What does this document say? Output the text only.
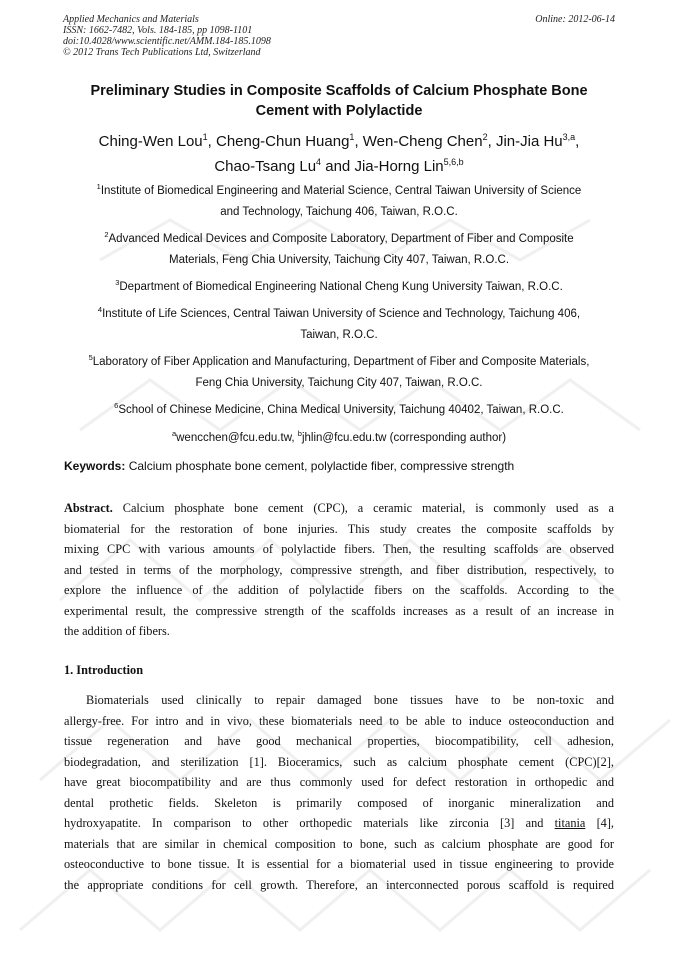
Applied Mechanics and Materials
ISSN: 1662-7482, Vols. 184-185, pp 1098-1101
doi:10.4028/www.scientific.net/AMM.184-185.1098
© 2012 Trans Tech Publications Ltd, Switzerland
Online: 2012-06-14
Preliminary Studies in Composite Scaffolds of Calcium Phosphate Bone
Cement with Polylactide
Ching-Wen Lou$^1$, Cheng-Chun Huang$^1$, Wen-Cheng Chen$^2$, Jin-Jia Hu$^{3,a}$,
Chao-Tsang Lu$^4$ and Jia-Horng Lin$^{5,6,b}$
$^1$Institute of Biomedical Engineering and Material Science, Central Taiwan University of Science
and Technology, Taichung 406, Taiwan, R.O.C.
$^2$Advanced Medical Devices and Composite Laboratory, Department of Fiber and Composite
Materials, Feng Chia University, Taichung City 407, Taiwan, R.O.C.
$^3$Department of Biomedical Engineering National Cheng Kung University Taiwan, R.O.C.
$^4$Institute of Life Sciences, Central Taiwan University of Science and Technology, Taichung 406,
Taiwan, R.O.C.
$^5$Laboratory of Fiber Application and Manufacturing, Department of Fiber and Composite Materials,
Feng Chia University, Taichung City 407, Taiwan, R.O.C.
$^6$School of Chinese Medicine, China Medical University, Taichung 40402, Taiwan, R.O.C.
$^a$wencchen@fcu.edu.tw, $^b$jhlin@fcu.edu.tw (corresponding author)
Keywords: Calcium phosphate bone cement, polylactide fiber, compressive strength
Abstract. Calcium phosphate bone cement (CPC), a ceramic material, is commonly used as a
biomaterial for the restoration of bone injuries. This study creates the composite scaffolds by
mixing CPC with various amounts of polylactide fibers. Then, the resulting scaffolds are observed
and tested in terms of the morphology, compressive strength, and fiber distribution, respectively, to
explore the influence of the addition of polylactide fibers on the scaffolds. According to the
experimental result, the compressive strength of the scaffolds increases as a result of an increase in
the addition of fibers.
1. Introduction
Biomaterials used clinically to repair damaged bone tissues have to be non-toxic and
allergy-free. For intro and in vivo, these biomaterials need to be able to induce osteoconduction and
tissue regeneration and have good mechanical properties, biocompatibility, cell adhesion,
biodegradation, and sterilization [1]. Bioceramics, such as calcium phosphate cement (CPC)[2],
have great biocompatibility and are thus commonly used for defect restoration in orthopedic and
dental prothetic fields. Skeleton is primarily composed of inorganic mineralization and
hydroxyapatite. In comparison to other orthopedic materials like zirconia [3] and titania [4],
materials that are similar in chemical composition to bone, such as calcium phosphate are good for
osteoconductive to bone tissue. It is essential for a biomaterial used in tissue engineering to provide
the appropriate conditions for cell growth. Therefore, an interconnected porous scaffold is required
